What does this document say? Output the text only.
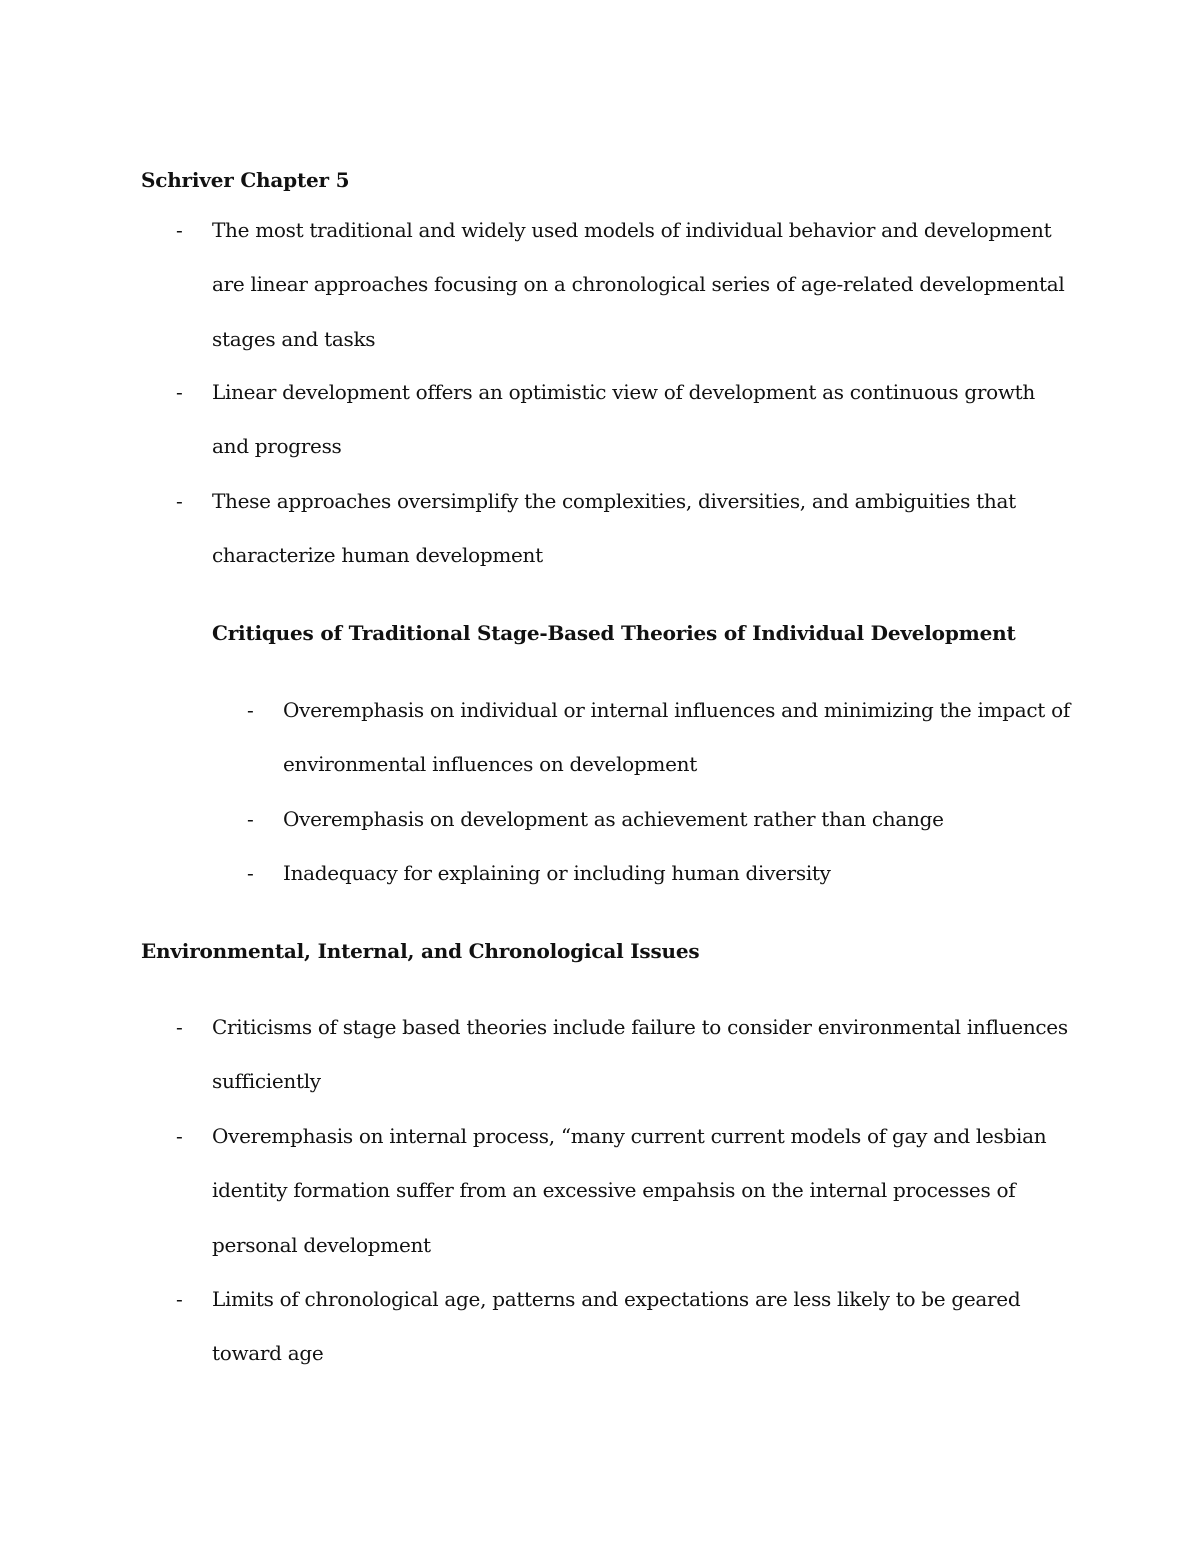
Schriver Chapter 5
- The most traditional and widely used models of individual behavior and development are linear approaches focusing on a chronological series of age-related developmental stages and tasks
- Linear development offers an optimistic view of development as continuous growth and progress
- These approaches oversimplify the complexities, diversities, and ambiguities that characterize human development
Critiques of Traditional Stage-Based Theories of Individual Development
- Overemphasis on individual or internal influences and minimizing the impact of environmental influences on development
- Overemphasis on development as achievement rather than change
- Inadequacy for explaining or including human diversity
Environmental, Internal, and Chronological Issues
- Criticisms of stage based theories include failure to consider environmental influences sufficiently
- Overemphasis on internal process, “many current current models of gay and lesbian identity formation suffer from an excessive empahsis on the internal processes of personal development
- Limits of chronological age, patterns and expectations are less likely to be geared toward age
